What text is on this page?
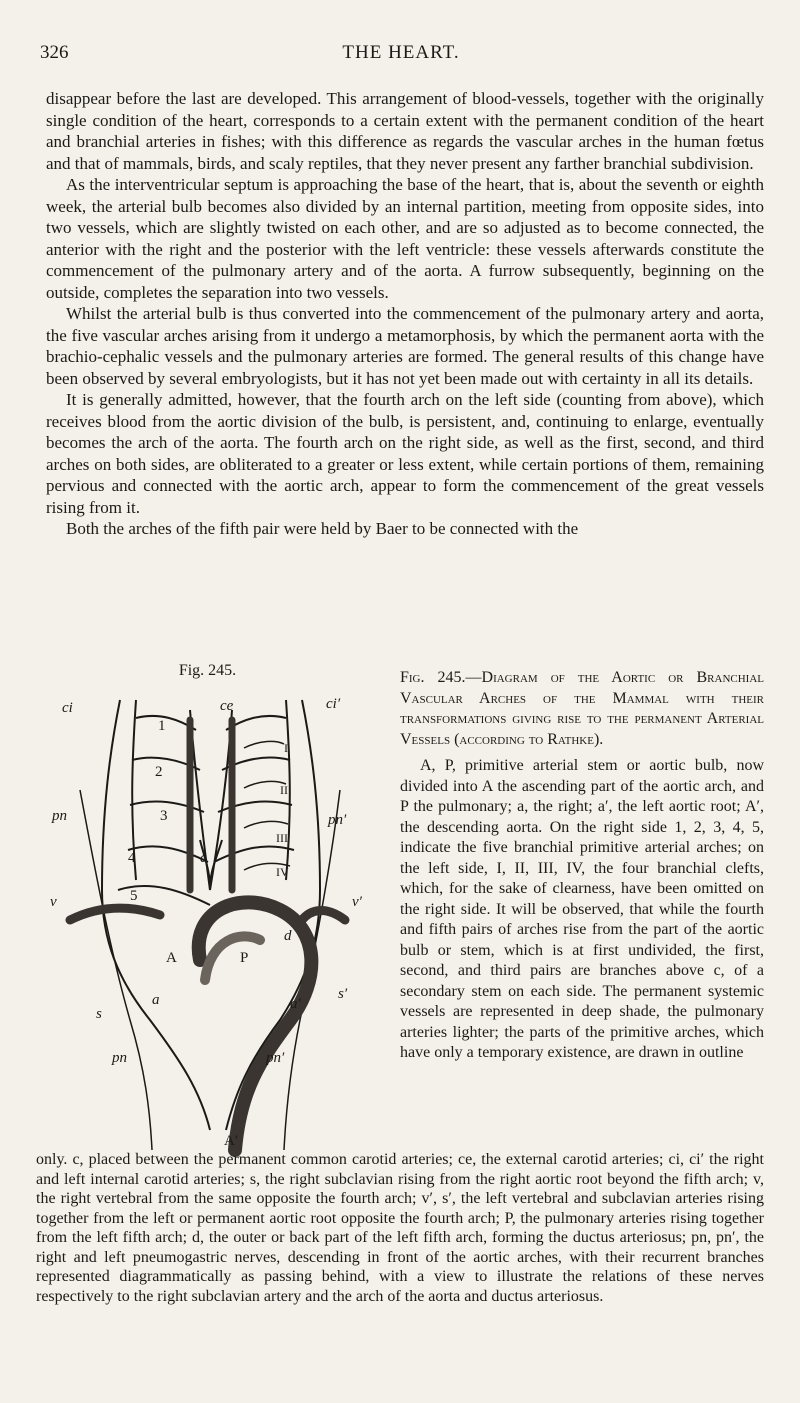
326	THE HEART.

disappear before the last are developed. This arrangement of blood-vessels, together with the originally single condition of the heart, corresponds to a certain extent with the permanent condition of the heart and branchial arteries in fishes; with this difference as regards the vascular arches in the human fœtus and that of mammals, birds, and scaly reptiles, that they never present any farther branchial subdivision.

As the interventricular septum is approaching the base of the heart, that is, about the seventh or eighth week, the arterial bulb becomes also divided by an internal partition, meeting from opposite sides, into two vessels, which are slightly twisted on each other, and are so adjusted as to become connected, the anterior with the right and the posterior with the left ventricle: these vessels afterwards constitute the commencement of the pulmonary artery and of the aorta. A furrow subsequently, beginning on the outside, completes the separation into two vessels.

Whilst the arterial bulb is thus converted into the commencement of the pulmonary artery and aorta, the five vascular arches arising from it undergo a metamorphosis, by which the permanent aorta with the brachio-cephalic vessels and the pulmonary arteries are formed. The general results of this change have been observed by several embryologists, but it has not yet been made out with certainty in all its details.

It is generally admitted, however, that the fourth arch on the left side (counting from above), which receives blood from the aortic division of the bulb, is persistent, and, continuing to enlarge, eventually becomes the arch of the aorta. The fourth arch on the right side, as well as the first, second, and third arches on both sides, are obliterated to a greater or less extent, while certain portions of them, remaining pervious and connected with the aortic arch, appear to form the commencement of the great vessels rising from it.

Both the arches of the fifth pair were held by Baer to be connected with the

Fig. 245.
ci	ce	ci′
1
2
3
4
5
I
II
III
IV
pn	pn′
c
v	v′
d
A	P
a
s
s′
a′
pn	pn′
A′

Fig. 245.—Diagram of the Aortic or Branchial Vascular Arches of the Mammal with their transformations giving rise to the permanent Arterial Vessels (according to Rathke).

A, P, primitive arterial stem or aortic bulb, now divided into A the ascending part of the aortic arch, and P the pulmonary; a, the right; a′, the left aortic root; A′, the descending aorta. On the right side 1, 2, 3, 4, 5, indicate the five branchial primitive arterial arches; on the left side, I, II, III, IV, the four branchial clefts, which, for the sake of clearness, have been omitted on the right side. It will be observed, that while the fourth and fifth pairs of arches rise from the part of the aortic bulb or stem, which is at first undivided, the first, second, and third pairs are branches above c, of a secondary stem on each side. The permanent systemic vessels are represented in deep shade, the pulmonary arteries lighter; the parts of the primitive arches, which have only a temporary existence, are drawn in outline

only. c, placed between the permanent common carotid arteries; ce, the external carotid arteries; ci, ci′ the right and left internal carotid arteries; s, the right subclavian rising from the right aortic root beyond the fifth arch; v, the right vertebral from the same opposite the fourth arch; v′, s′, the left vertebral and subclavian arteries rising together from the left or permanent aortic root opposite the fourth arch; P, the pulmonary arteries rising together from the left fifth arch; d, the outer or back part of the left fifth arch, forming the ductus arteriosus; pn, pn′, the right and left pneumogastric nerves, descending in front of the aortic arches, with their recurrent branches represented diagrammatically as passing behind, with a view to illustrate the relations of these nerves respectively to the right subclavian artery and the arch of the aorta and ductus arteriosus.
